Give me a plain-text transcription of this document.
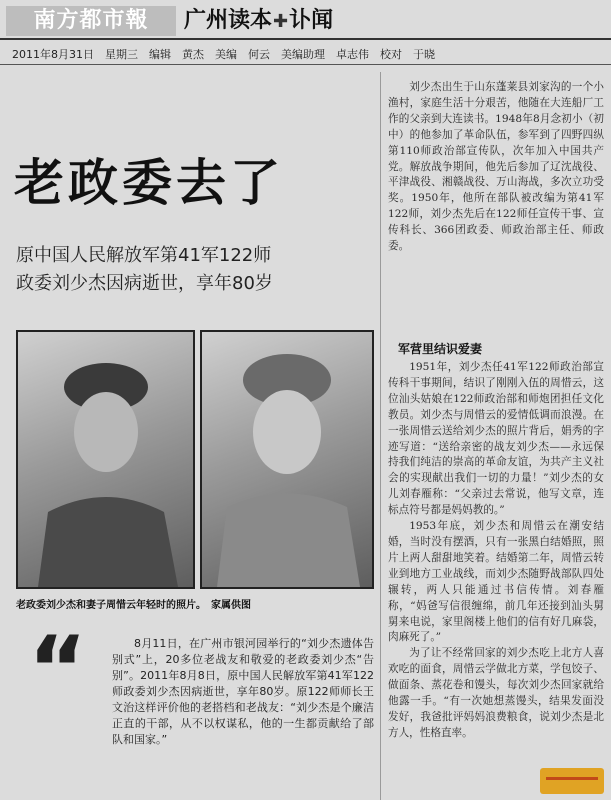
南方都市報	广州读本✚讣闻
2011年8月31日　星期三　编辑　黄杰　美编　何云　美编助理　卓志伟　校对　于晓
老政委去了
原中国人民解放军第41军122师
政委刘少杰因病逝世，享年80岁
老政委刘少杰和妻子周惜云年轻时的照片。　家属供图
“	8月11日，在广州市银河园举行的“刘少杰遗体告别式”上，20多位老战友和敬爱的老政委刘少杰“告别”。2011年8月8日，原中国人民解放军第41军122师政委刘少杰因病逝世，享年80岁。原122师师长王文治这样评价他的老搭档和老战友：“刘少杰是个廉洁正直的干部，从不以权谋私，他的一生都贡献给了部队和国家。”

刘少杰出生于山东蓬莱县刘家沟的一个小渔村，家庭生活十分艰苦，他随在大连船厂工作的父亲到大连读书。1948年8月念初小（初中）的他参加了革命队伍，参军到了四野四纵第110师政治部宣传队，次年加入中国共产党。解放战争期间，他先后参加了辽沈战役、平津战役、湘赣战役、万山海战，多次立功受奖。1950年，他所在部队被改编为第41军122师，刘少杰先后在122师任宣传干事、宣传科长、366团政委、师政治部主任、师政委。

军营里结识爱妻

1951年，刘少杰任41军122师政治部宣传科干事期间，结识了刚刚入伍的周惜云，这位汕头姑娘在122师政治部和师炮团担任文化教员。刘少杰与周惜云的爱情低调而浪漫。在一张周惜云送给刘少杰的照片背后，娟秀的字迹写道：“送给亲密的战友刘少杰——永远保持我们纯洁的崇高的革命友谊，为共产主义社会的实现献出我们一切的力量！”刘少杰的女儿刘春雁称：“父亲过去常说，他写文章，连标点符号都是妈妈教的。”

1953年底，刘少杰和周惜云在潮安结婚，当时没有摆酒，只有一张黑白结婚照，照片上两人甜甜地笑着。结婚第二年，周惜云转业到地方工业战线，而刘少杰随野战部队四处辗转，两人只能通过书信传情。刘春雁称，“妈爸写信很缠绵，前几年还接到汕头舅舅来电说，家里阁楼上他们的信有好几麻袋，肉麻死了。”

为了让不经常回家的刘少杰吃上北方人喜欢吃的面食，周惜云学做北方菜，学包饺子、做面条、蒸花卷和馒头，每次刘少杰回家就给他露一手。“有一次她想蒸馒头，结果发面没发好，我爸批评妈妈浪费粮食，说刘少杰是北方人，性格直率。
